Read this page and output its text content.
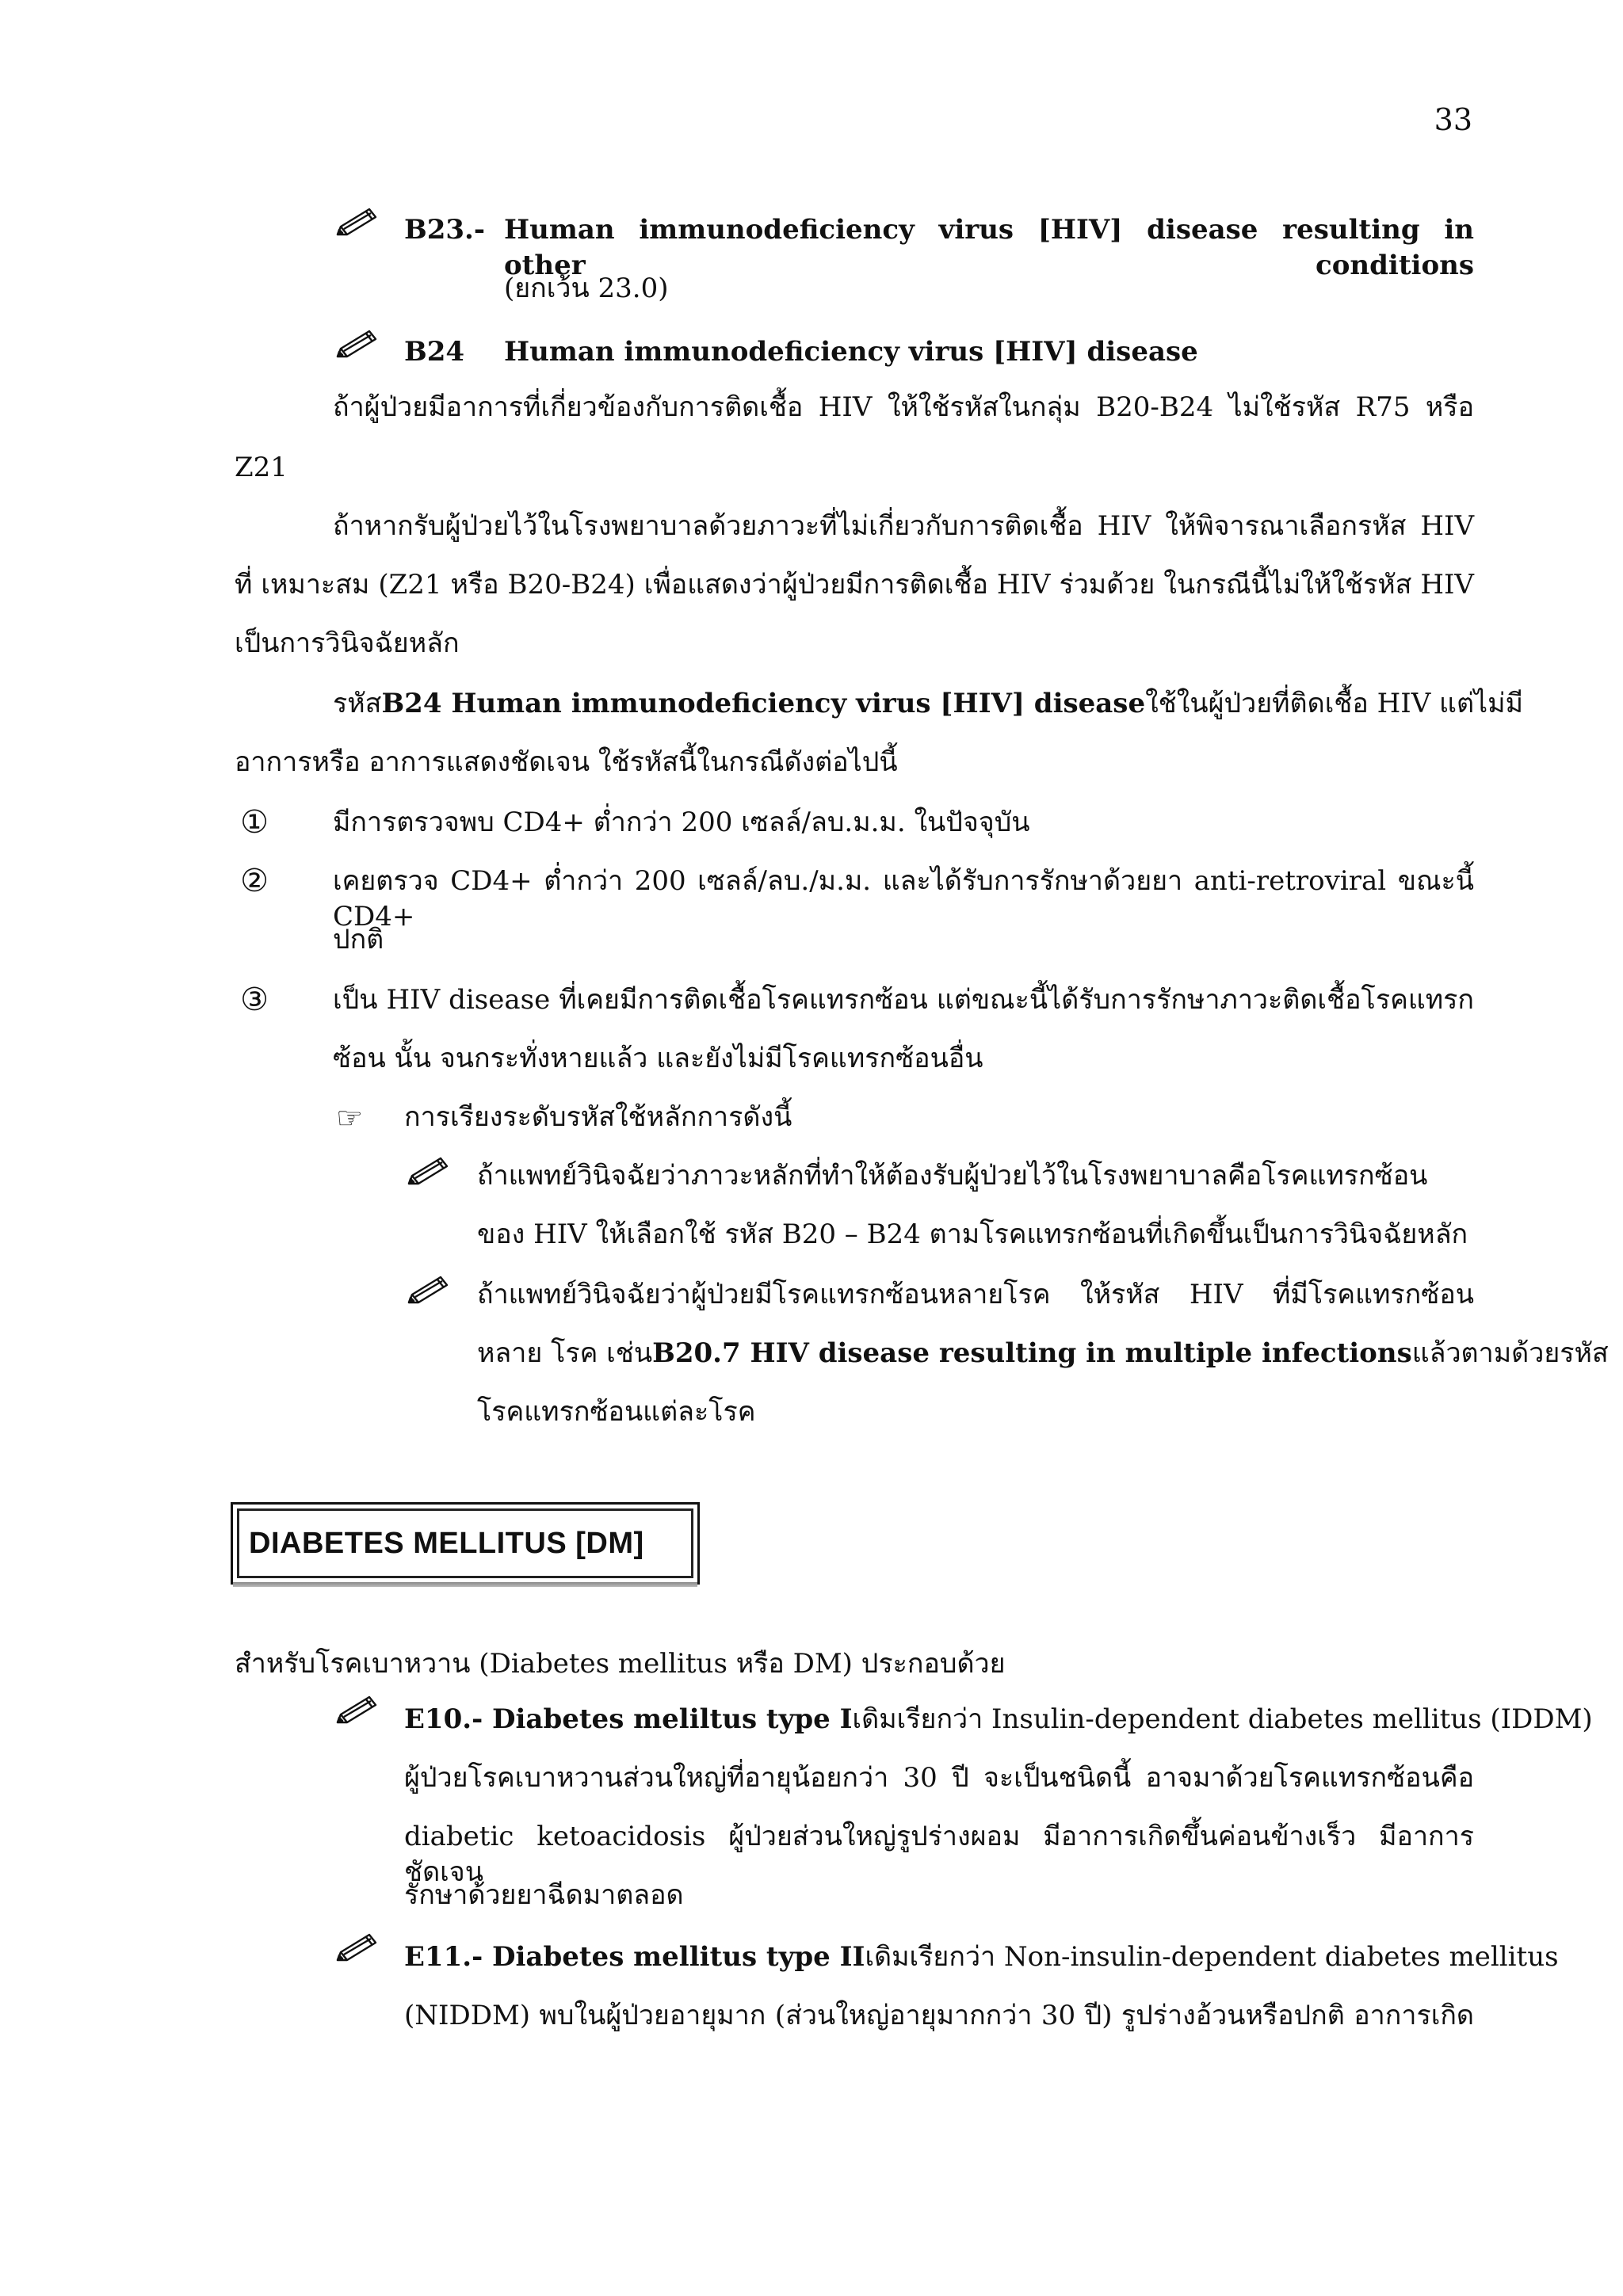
33
B23.- Human immunodeficiency virus [HIV] disease resulting in other conditions
(ยกเว้น 23.0)
B24 Human immunodeficiency virus [HIV] disease
ถ้าผู้ป่วยมีอาการที่เกี่ยวข้องกับการติดเชื้อ HIV ให้ใช้รหัสในกลุ่ม B20-B24 ไม่ใช้รหัส R75 หรือ
Z21
ถ้าหากรับผู้ป่วยไว้ในโรงพยาบาลด้วยภาวะที่ไม่เกี่ยวกับการติดเชื้อ HIV ให้พิจารณาเลือกรหัส HIV
ที่ เหมาะสม (Z21 หรือ B20-B24) เพื่อแสดงว่าผู้ป่วยมีการติดเชื้อ HIV ร่วมด้วย ในกรณีนี้ไม่ให้ใช้รหัส HIV
เป็นการวินิจฉัยหลัก
รหัส B24 Human immunodeficiency virus [HIV] disease ใช้ในผู้ป่วยที่ติดเชื้อ HIV แต่ไม่มี
อาการหรือ อาการแสดงชัดเจน ใช้รหัสนี้ในกรณีดังต่อไปนี้
① มีการตรวจพบ CD4+ ต่ำกว่า 200 เซลล์/ลบ.ม.ม. ในปัจจุบัน
② เคยตรวจ CD4+ ต่ำกว่า 200 เซลล์/ลบ./ม.ม. และได้รับการรักษาด้วยยา anti-retroviral ขณะนี้ CD4+
ปกติ
③ เป็น HIV disease ที่เคยมีการติดเชื้อโรคแทรกซ้อน แต่ขณะนี้ได้รับการรักษาภาวะติดเชื้อโรคแทรก
ซ้อน นั้น จนกระทั่งหายแล้ว และยังไม่มีโรคแทรกซ้อนอื่น
☞ การเรียงระดับรหัสใช้หลักการดังนี้
ถ้าแพทย์วินิจฉัยว่าภาวะหลักที่ทำให้ต้องรับผู้ป่วยไว้ในโรงพยาบาลคือโรคแทรกซ้อน
ของ HIV ให้เลือกใช้ รหัส B20 – B24 ตามโรคแทรกซ้อนที่เกิดขึ้นเป็นการวินิจฉัยหลัก
ถ้าแพทย์วินิจฉัยว่าผู้ป่วยมีโรคแทรกซ้อนหลายโรค ให้รหัส HIV ที่มีโรคแทรกซ้อน
หลาย โรค เช่น B20.7 HIV disease resulting in multiple infections แล้วตามด้วยรหัส
โรคแทรกซ้อนแต่ละโรค
DIABETES MELLITUS [DM]
สำหรับโรคเบาหวาน (Diabetes mellitus หรือ DM) ประกอบด้วย
E10.- Diabetes meliltus type I เดิมเรียกว่า Insulin-dependent diabetes mellitus (IDDM)
ผู้ป่วยโรคเบาหวานส่วนใหญ่ที่อายุน้อยกว่า 30 ปี จะเป็นชนิดนี้ อาจมาด้วยโรคแทรกซ้อนคือ
diabetic ketoacidosis ผู้ป่วยส่วนใหญ่รูปร่างผอม มีอาการเกิดขึ้นค่อนข้างเร็ว มีอาการชัดเจน
รักษาด้วยยาฉีดมาตลอด
E11.- Diabetes mellitus type II เดิมเรียกว่า Non-insulin-dependent diabetes mellitus
(NIDDM) พบในผู้ป่วยอายุมาก (ส่วนใหญ่อายุมากกว่า 30 ปี) รูปร่างอ้วนหรือปกติ อาการเกิด
